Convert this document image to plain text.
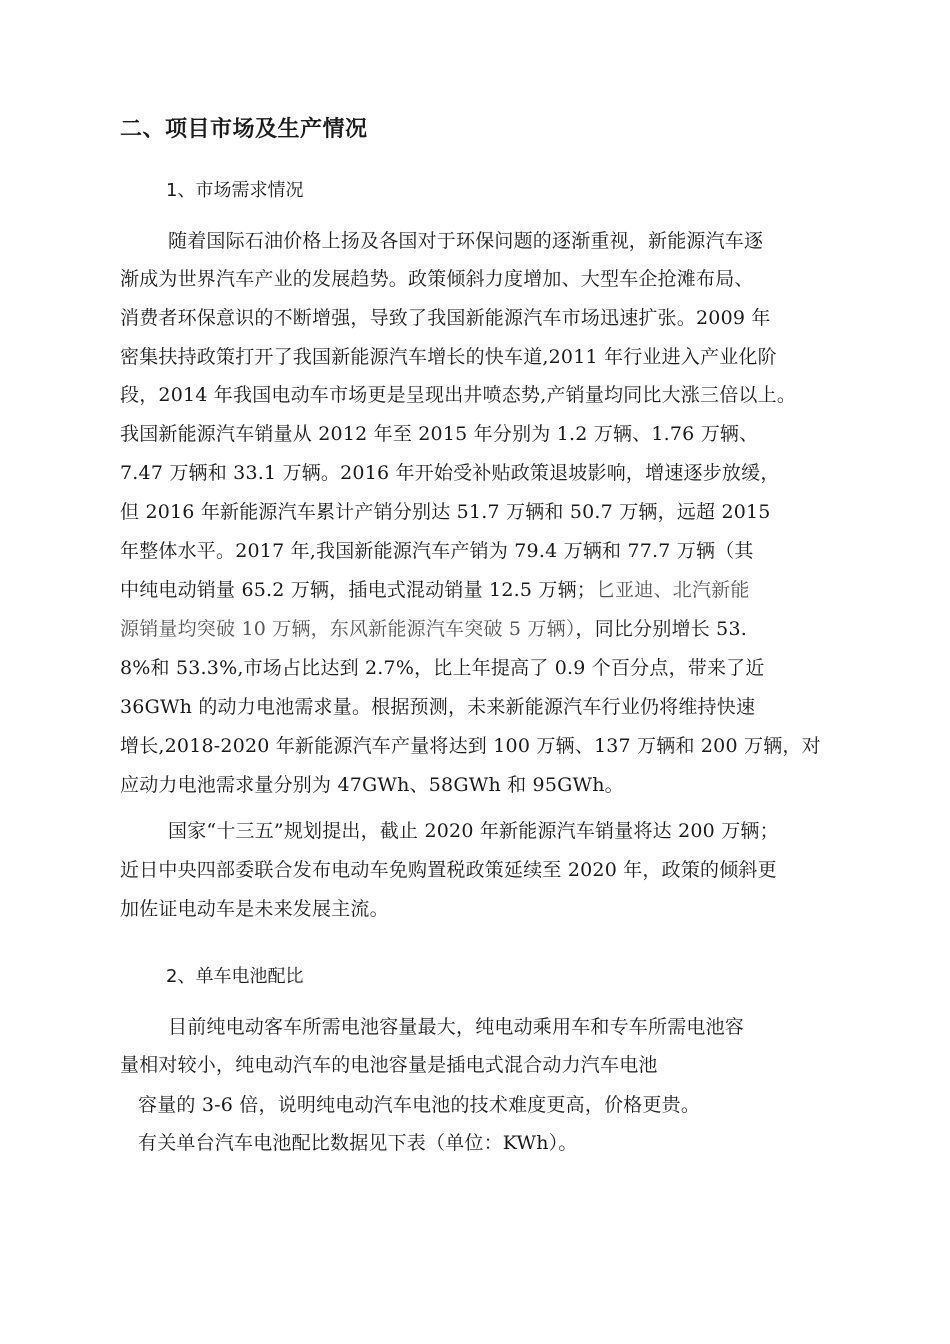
二、项目市场及生产情况
1、市场需求情况
随着国际石油价格上扬及各国对于环保问题的逐渐重视，新能源汽车逐
渐成为世界汽车产业的发展趋势。政策倾斜力度增加、大型车企抢滩布局、
消费者环保意识的不断增强，导致了我国新能源汽车市场迅速扩张。2009 年
密集扶持政策打开了我国新能源汽车增长的快车道,2011 年行业进入产业化阶
段，2014 年我国电动车市场更是呈现出井喷态势,产销量均同比大涨三倍以上。
我国新能源汽车销量从 2012 年至 2015 年分别为 1.2 万辆、1.76 万辆、
7.47 万辆和 33.1 万辆。2016 年开始受补贴政策退坡影响，增速逐步放缓，
但 2016 年新能源汽车累计产销分别达 51.7 万辆和 50.7 万辆，远超 2015
年整体水平。2017 年,我国新能源汽车产销为 79.4 万辆和 77.7 万辆（其
中纯电动销量 65.2 万辆，插电式混动销量 12.5 万辆；匕亚迪、北汽新能
源销量均突破 10 万辆，东风新能源汽车突破 5 万辆），同比分别增长 53.
8%和 53.3%,市场占比达到 2.7%，比上年提高了 0.9 个百分点，带来了近
36GWh 的动力电池需求量。根据预测，未来新能源汽车行业仍将维持快速
增长,2018-2020 年新能源汽车产量将达到 100 万辆、137 万辆和 200 万辆，对
应动力电池需求量分别为 47GWh、58GWh 和 95GWh。
国家“十三五”规划提出，截止 2020 年新能源汽车销量将达 200 万辆；
近日中央四部委联合发布电动车免购置税政策延续至 2020 年，政策的倾斜更
加佐证电动车是未来发展主流。
2、单车电池配比
目前纯电动客车所需电池容量最大，纯电动乘用车和专车所需电池容
量相对较小，纯电动汽车的电池容量是插电式混合动力汽车电池
容量的 3-6 倍，说明纯电动汽车电池的技术难度更高，价格更贵。
有关单台汽车电池配比数据见下表（单位：KWh）。
